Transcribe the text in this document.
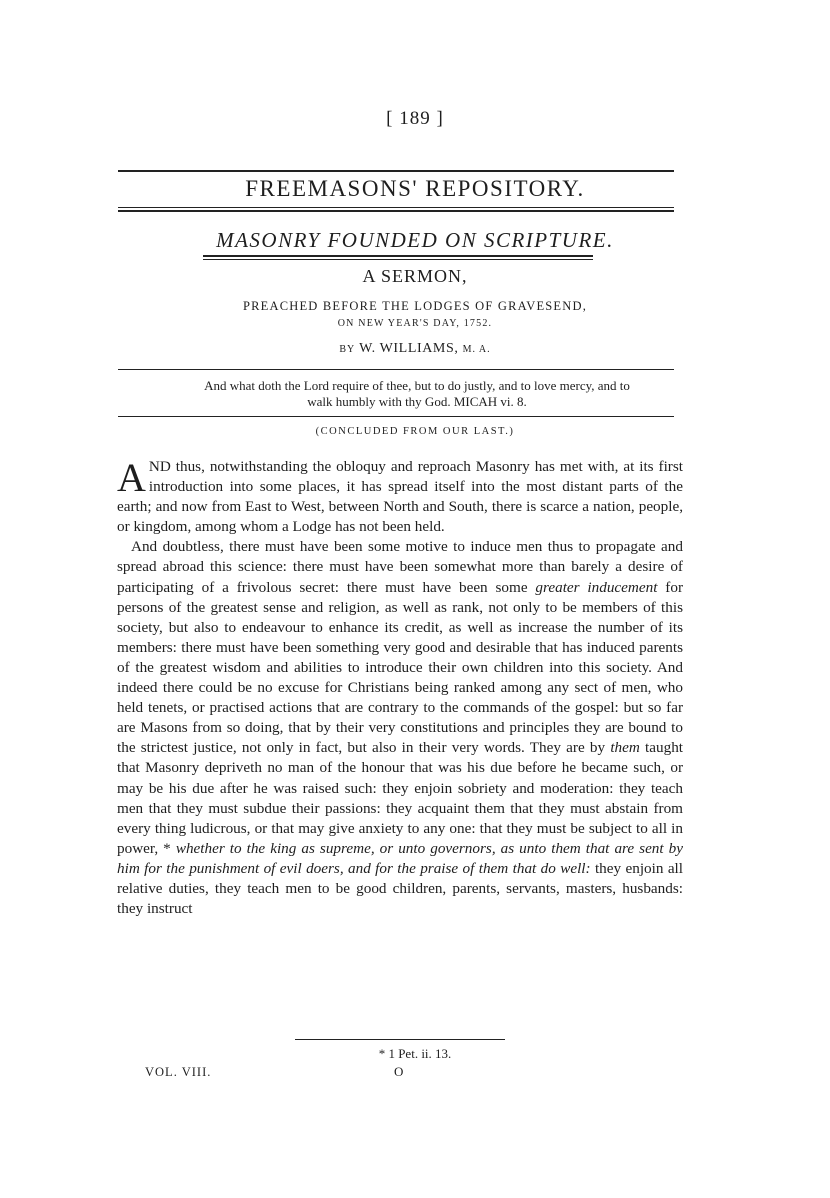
[ 189 ]
FREEMASONS' REPOSITORY.
MASONRY FOUNDED ON SCRIPTURE.
A SERMON,
PREACHED BEFORE THE LODGES OF GRAVESEND,
ON NEW YEAR'S DAY, 1752.
BY W. WILLIAMS, M. A.
And what doth the Lord require of thee, but to do justly, and to love mercy, and to
walk humbly with thy God. MICAH vi. 8.
(CONCLUDED FROM OUR LAST.)

AND thus, notwithstanding the obloquy and reproach Masonry has met with, at its first introduction into some places, it has spread itself into the most distant parts of the earth; and now from East to West, between North and South, there is scarce a nation, people, or kingdom, among whom a Lodge has not been held.

And doubtless, there must have been some motive to induce men thus to propagate and spread abroad this science: there must have been somewhat more than barely a desire of participating of a frivolous secret: there must have been some greater inducement for persons of the greatest sense and religion, as well as rank, not only to be members of this society, but also to endeavour to enhance its credit, as well as increase the number of its members: there must have been something very good and desirable that has induced parents of the greatest wisdom and abilities to introduce their own children into this society. And indeed there could be no excuse for Christians being ranked among any sect of men, who held tenets, or practised actions that are contrary to the commands of the gospel: but so far are Masons from so doing, that by their very constitutions and principles they are bound to the strictest justice, not only in fact, but also in their very words. They are by them taught that Masonry depriveth no man of the honour that was his due before he became such, or may be his due after he was raised such: they enjoin sobriety and moderation: they teach men that they must subdue their passions: they acquaint them that they must abstain from every thing ludicrous, or that may give anxiety to any one: that they must be subject to all in power, * whether to the king as supreme, or unto governors, as unto them that are sent by him for the punishment of evil doers, and for the praise of them that do well: they enjoin all relative duties, they teach men to be good children, parents, servants, masters, husbands: they instruct

* 1 Pet. ii. 13.
VOL. VIII.	O
